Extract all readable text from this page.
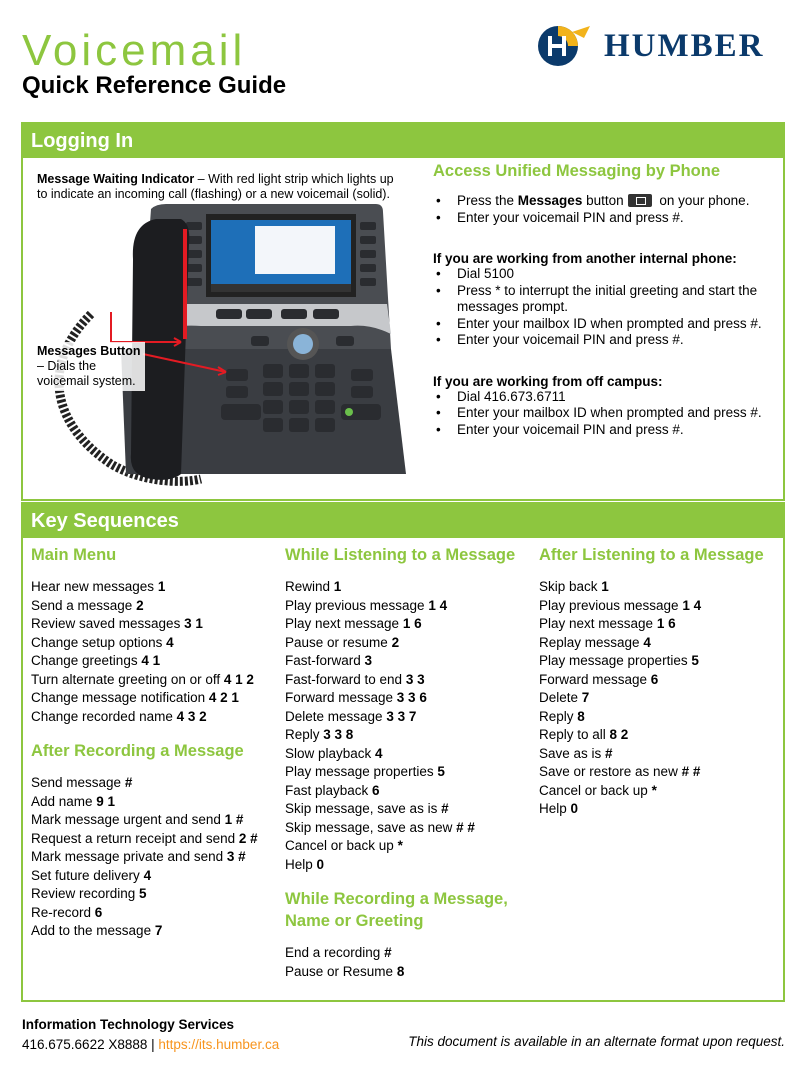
Voicemail
Quick Reference Guide
HUMBER
Logging In
Message Waiting Indicator – With red light strip which lights up to indicate an incoming call (flashing) or a new voicemail (solid).
Messages Button – Dials the voicemail system.
Access Unified Messaging by Phone
• Press the Messages button on your phone.
• Enter your voicemail PIN and press #.
If you are working from another internal phone:
• Dial 5100
• Press * to interrupt the initial greeting and start the messages prompt.
• Enter your mailbox ID when prompted and press #.
• Enter your voicemail PIN and press #.
If you are working from off campus:
• Dial 416.673.6711
• Enter your mailbox ID when prompted and press #.
• Enter your voicemail PIN and press #.
Key Sequences
Main Menu
Hear new messages 1
Send a message 2
Review saved messages 3 1
Change setup options 4
Change greetings 4 1
Turn alternate greeting on or off 4 1 2
Change message notification 4 2 1
Change recorded name 4 3 2
After Recording a Message
Send message #
Add name 9 1
Mark message urgent and send 1 #
Request a return receipt and send 2 #
Mark message private and send 3 #
Set future delivery 4
Review recording 5
Re-record 6
Add to the message 7
While Listening to a Message
Rewind 1
Play previous message 1 4
Play next message 1 6
Pause or resume 2
Fast-forward 3
Fast-forward to end 3 3
Forward message 3 3 6
Delete message 3 3 7
Reply 3 3 8
Slow playback 4
Play message properties 5
Fast playback 6
Skip message, save as is #
Skip message, save as new # #
Cancel or back up *
Help 0
While Recording a Message, Name or Greeting
End a recording #
Pause or Resume 8
After Listening to a Message
Skip back 1
Play previous message 1 4
Play next message 1 6
Replay message 4
Play message properties 5
Forward message 6
Delete 7
Reply 8
Reply to all 8 2
Save as is #
Save or restore as new # #
Cancel or back up *
Help 0
Information Technology Services
416.675.6622 X8888 | https://its.humber.ca	This document is available in an alternate format upon request.
